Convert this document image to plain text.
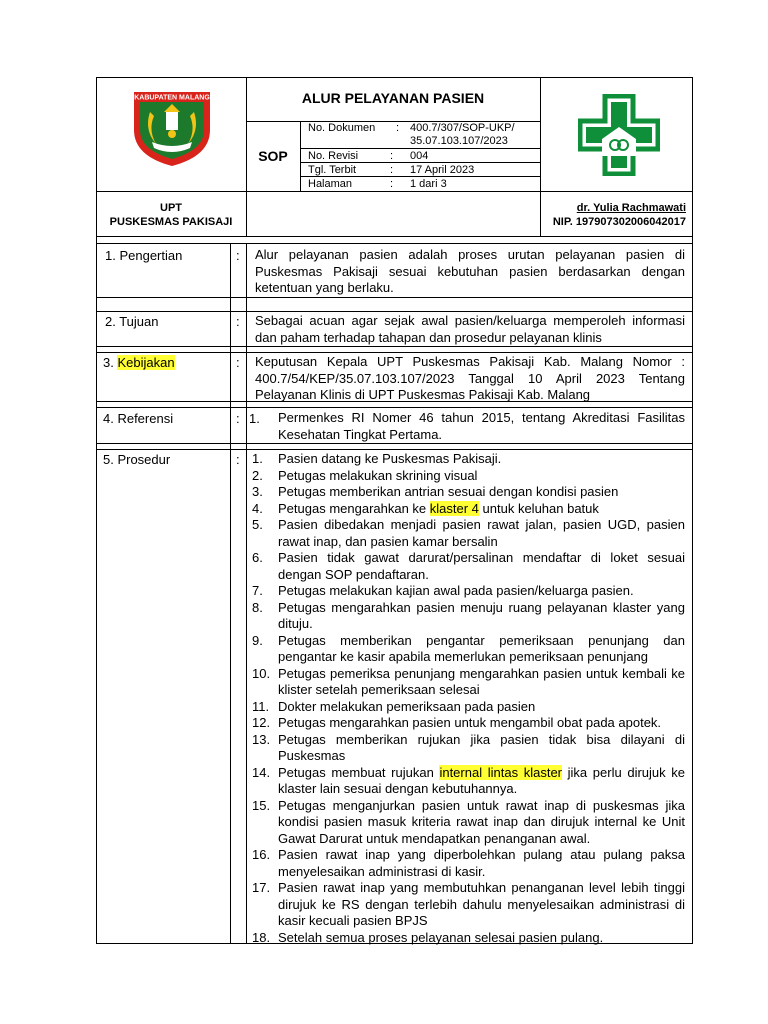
KABUPATEN MALANG	ALUR PELAYANAN PASIEN
SOP
No. Dokumen : 400.7/307/SOP-UKP/
35.07.103.107/2023
No. Revisi	: 004
Tgl. Terbit	: 17 April 2023
Halaman	: 1 dari 3
UPT
PUSKESMAS PAKISAJI
dr. Yulia Rachmawati
NIP. 197907302006042017
1. Pengertian	: Alur pelayanan pasien adalah proses urutan pelayanan pasien di Puskesmas Pakisaji sesuai kebutuhan pasien berdasarkan dengan ketentuan yang berlaku.
2. Tujuan	: Sebagai acuan agar sejak awal pasien/keluarga memperoleh informasi dan paham terhadap tahapan dan prosedur pelayanan klinis
3. Kebijakan	: Keputusan Kepala UPT Puskesmas Pakisaji Kab. Malang Nomor : 400.7/54/KEP/35.07.103.107/2023 Tanggal 10 April 2023 Tentang Pelayanan Klinis di UPT Puskesmas Pakisaji Kab. Malang
4. Referensi	: 1. Permenkes RI Nomer 46 tahun 2015, tentang Akreditasi Fasilitas Kesehatan Tingkat Pertama.
5. Prosedur	: 1. Pasien datang ke Puskesmas Pakisaji.
2. Petugas melakukan skrining visual
3. Petugas memberikan antrian sesuai dengan kondisi pasien
4. Petugas mengarahkan ke klaster 4 untuk keluhan batuk
5. Pasien dibedakan menjadi pasien rawat jalan, pasien UGD, pasien rawat inap, dan pasien kamar bersalin
6. Pasien tidak gawat darurat/persalinan mendaftar di loket sesuai dengan SOP pendaftaran.
7. Petugas melakukan kajian awal pada pasien/keluarga pasien.
8. Petugas mengarahkan pasien menuju ruang pelayanan klaster yang dituju.
9. Petugas memberikan pengantar pemeriksaan penunjang dan pengantar ke kasir apabila memerlukan pemeriksaan penunjang
10. Petugas pemeriksa penunjang mengarahkan pasien untuk kembali ke klister setelah pemeriksaan selesai
11. Dokter melakukan pemeriksaan pada pasien
12. Petugas mengarahkan pasien untuk mengambil obat pada apotek.
13. Petugas memberikan rujukan jika pasien tidak bisa dilayani di Puskesmas
14. Petugas membuat rujukan internal lintas klaster jika perlu dirujuk ke klaster lain sesuai dengan kebutuhannya.
15. Petugas menganjurkan pasien untuk rawat inap di puskesmas jika kondisi pasien masuk kriteria rawat inap dan dirujuk internal ke Unit Gawat Darurat untuk mendapatkan penanganan awal.
16. Pasien rawat inap yang diperbolehkan pulang atau pulang paksa menyelesaikan administrasi di kasir.
17. Pasien rawat inap yang membutuhkan penanganan level lebih tinggi dirujuk ke RS dengan terlebih dahulu menyelesaikan administrasi di kasir kecuali pasien BPJS
18. Setelah semua proses pelayanan selesai pasien pulang.
